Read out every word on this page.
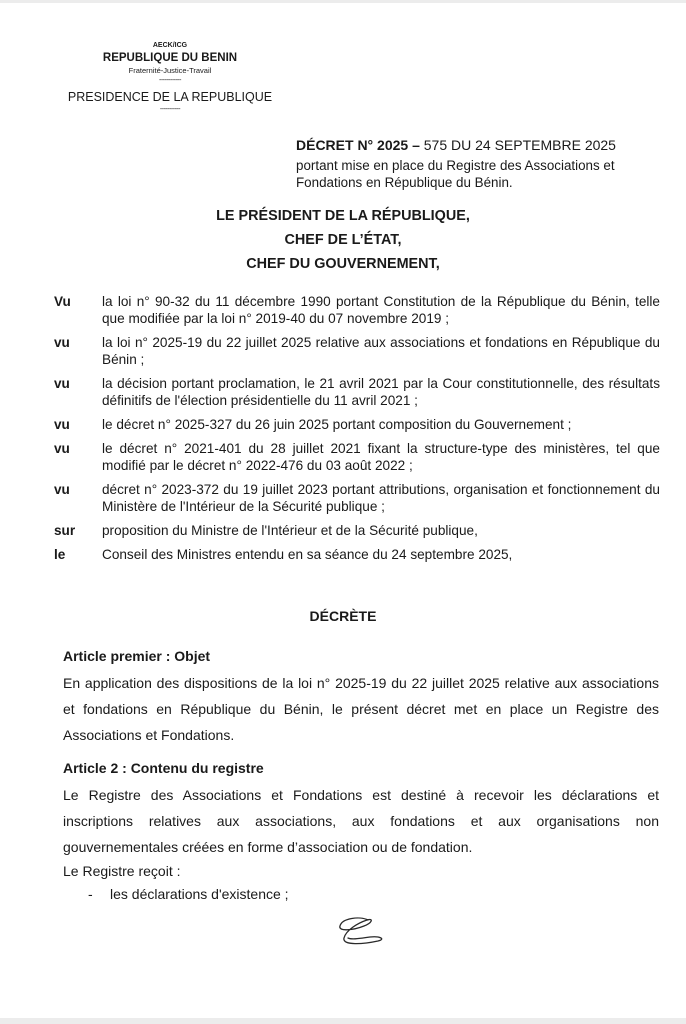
AECK/ICG
REPUBLIQUE DU BENIN
Fraternité-Justice-Travail
------------
PRESIDENCE DE LA REPUBLIQUE
-----------
DÉCRET N° 2025 – 575 DU 24 SEPTEMBRE 2025
portant mise en place du Registre des Associations et Fondations en République du Bénin.
LE PRÉSIDENT DE LA RÉPUBLIQUE,
CHEF DE L’ÉTAT,
CHEF DU GOUVERNEMENT,
Vu	la loi n° 90-32 du 11 décembre 1990 portant Constitution de la République du Bénin, telle que modifiée par la loi n° 2019-40 du 07 novembre 2019 ;
vu	la loi n° 2025-19 du 22 juillet 2025 relative aux associations et fondations en République du Bénin ;
vu	la décision portant proclamation, le 21 avril 2021 par la Cour constitutionnelle, des résultats définitifs de l'élection présidentielle du 11 avril 2021 ;
vu	le décret n° 2025-327 du 26 juin 2025 portant composition du Gouvernement ;
vu	le décret n° 2021-401 du 28 juillet 2021 fixant la structure-type des ministères, tel que modifié par le décret n° 2022-476 du 03 août 2022 ;
vu	décret n° 2023-372 du 19 juillet 2023 portant attributions, organisation et fonctionnement du Ministère de l'Intérieur de la Sécurité publique ;
sur	proposition du Ministre de l'Intérieur et de la Sécurité publique,
le	Conseil des Ministres entendu en sa séance du 24 septembre 2025,
DÉCRÈTE
Article premier : Objet

En application des dispositions de la loi n° 2025-19 du 22 juillet 2025 relative aux associations et fondations en République du Bénin, le présent décret met en place un Registre des Associations et Fondations.

Article 2 : Contenu du registre

Le Registre des Associations et Fondations est destiné à recevoir les déclarations et inscriptions relatives aux associations, aux fondations et aux organisations non gouvernementales créées en forme d’association ou de fondation.

Le Registre reçoit :

-	les déclarations d'existence ;
